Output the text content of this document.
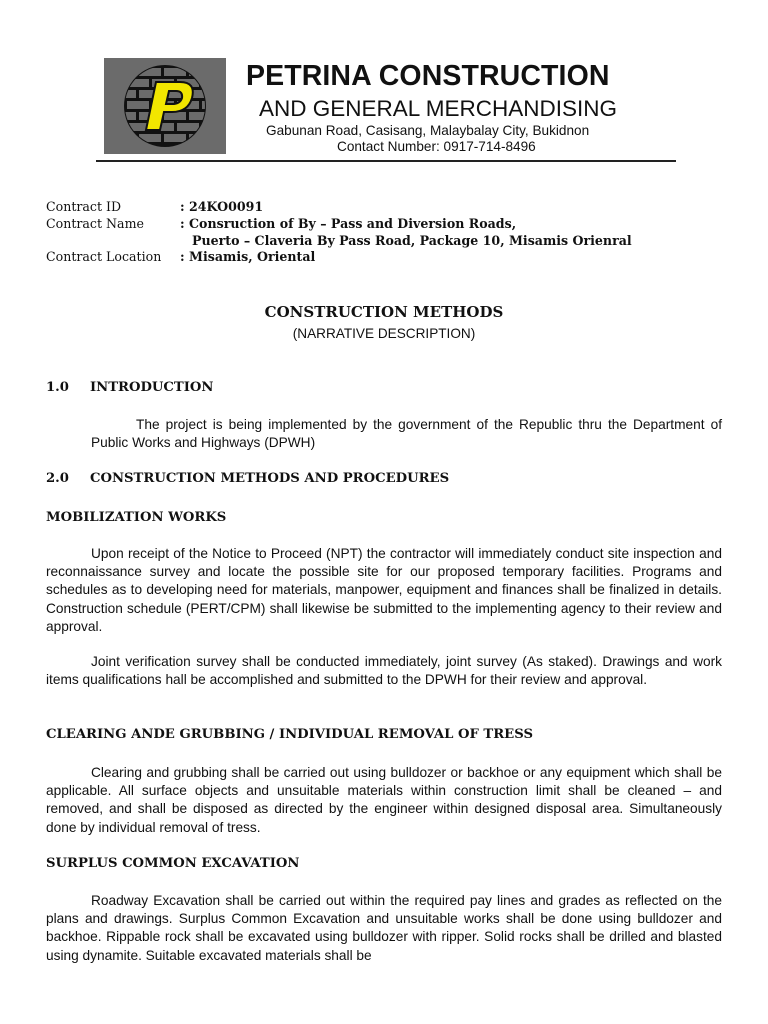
PETRINA CONSTRUCTION
AND GENERAL MERCHANDISING
Gabunan Road, Casisang, Malaybalay City, Bukidnon
Contact Number: 0917-714-8496
Contract ID	: 24KO0091
Contract Name	: Consruction of By – Pass and Diversion Roads,
Puerto – Claveria By Pass Road, Package 10, Misamis Orienral
Contract Location : Misamis, Oriental
CONSTRUCTION METHODS
(NARRATIVE DESCRIPTION)
1.0 INTRODUCTION

The project is being implemented by the government of the Republic thru the Department of Public Works and Highways (DPWH)

2.0 CONSTRUCTION METHODS AND PROCEDURES
MOBILIZATION WORKS

Upon receipt of the Notice to Proceed (NPT) the contractor will immediately conduct site inspection and reconnaissance survey and locate the possible site for our proposed temporary facilities. Programs and schedules as to developing need for materials, manpower, equipment and finances shall be finalized in details. Construction schedule (PERT/CPM) shall likewise be submitted to the implementing agency to their review and approval.

Joint verification survey shall be conducted immediately, joint survey (As staked). Drawings and work items qualifications hall be accomplished and submitted to the DPWH for their review and approval.

CLEARING ANDE GRUBBING / INDIVIDUAL REMOVAL OF TRESS

Clearing and grubbing shall be carried out using bulldozer or backhoe or any equipment which shall be applicable. All surface objects and unsuitable materials within construction limit shall be cleaned – and removed, and shall be disposed as directed by the engineer within designed disposal area. Simultaneously done by individual removal of tress.

SURPLUS COMMON EXCAVATION

Roadway Excavation shall be carried out within the required pay lines and grades as reflected on the plans and drawings. Surplus Common Excavation and unsuitable works shall be done using bulldozer and backhoe. Rippable rock shall be excavated using bulldozer with ripper. Solid rocks shall be drilled and blasted using dynamite. Suitable excavated materials shall be
